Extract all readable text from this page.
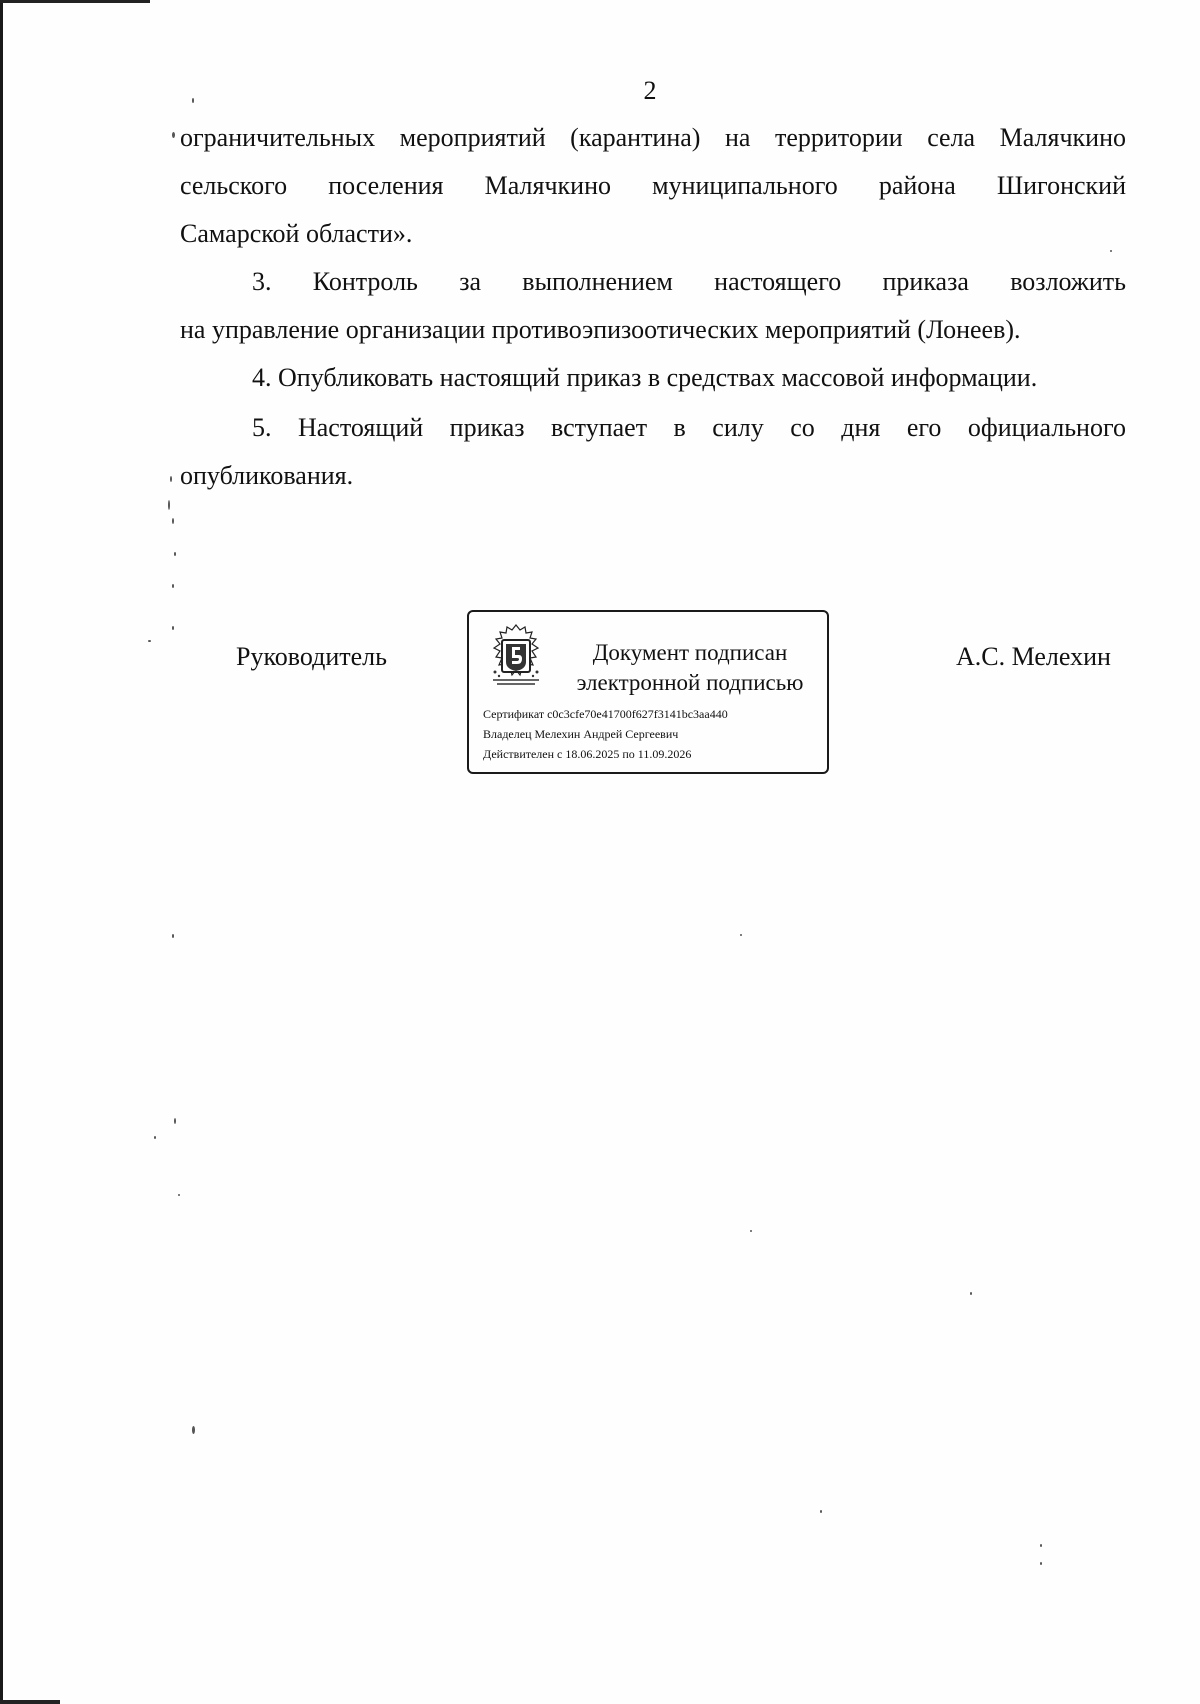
2

ограничительных мероприятий (карантина) на территории села Малячкино

сельского поселения Малячкино муниципального района Шигонский

Самарской области».

3. Контроль за выполнением настоящего приказа возложить

на управление организации противоэпизоотических мероприятий (Лонеев).

4. Опубликовать настоящий приказ в средствах массовой информации.

5. Настоящий приказ вступает в силу со дня его официального

опубликования.

Руководитель	Документ подписан
электронной подписью
Сертификат c0c3cfe70e41700f627f3141bc3aa440
Владелец Мелехин Андрей Сергеевич
Действителен с 18.06.2025 по 11.09.2026
А.С. Мелехин
